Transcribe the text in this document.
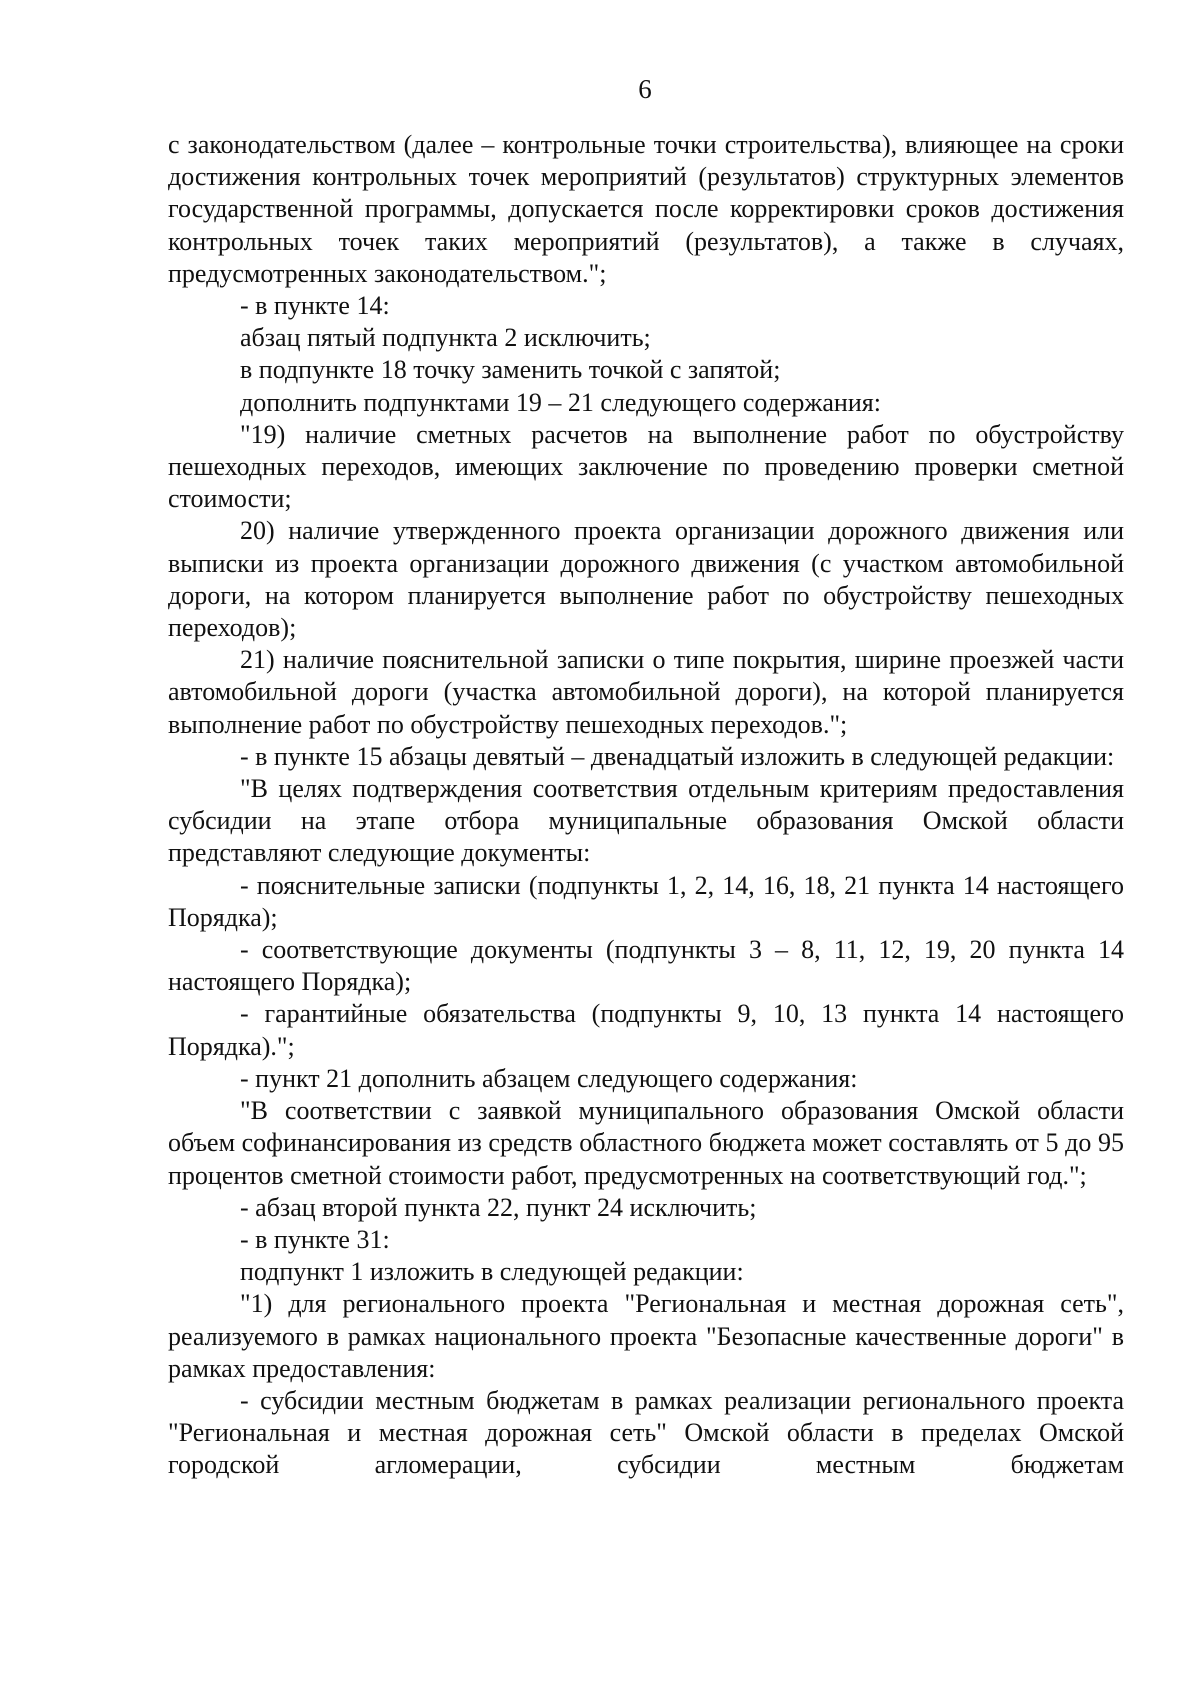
6

с законодательством (далее – контрольные точки строительства), влияющее на сроки достижения контрольных точек мероприятий (результатов) структурных элементов государственной программы, допускается после корректировки сроков достижения контрольных точек таких мероприятий (результатов), а также в случаях, предусмотренных законодательством.";

- в пункте 14:

абзац пятый подпункта 2 исключить;

в подпункте 18 точку заменить точкой с запятой;

дополнить подпунктами 19 – 21 следующего содержания:

"19) наличие сметных расчетов на выполнение работ по обустройству пешеходных переходов, имеющих заключение по проведению проверки сметной стоимости;

20) наличие утвержденного проекта организации дорожного движения или выписки из проекта организации дорожного движения (с участком автомобильной дороги, на котором планируется выполнение работ по обустройству пешеходных переходов);

21) наличие пояснительной записки о типе покрытия, ширине проезжей части автомобильной дороги (участка автомобильной дороги), на которой планируется выполнение работ по обустройству пешеходных переходов.";

- в пункте 15 абзацы девятый – двенадцатый изложить в следующей редакции:

"В целях подтверждения соответствия отдельным критериям предоставления субсидии на этапе отбора муниципальные образования Омской области представляют следующие документы:

- пояснительные записки (подпункты 1, 2, 14, 16, 18, 21 пункта 14 настоящего Порядка);

- соответствующие документы (подпункты 3 – 8, 11, 12, 19, 20 пункта 14 настоящего Порядка);

- гарантийные обязательства (подпункты 9, 10, 13 пункта 14 настоящего Порядка).";

- пункт 21 дополнить абзацем следующего содержания:

"В соответствии с заявкой муниципального образования Омской области объем софинансирования из средств областного бюджета может составлять от 5 до 95 процентов сметной стоимости работ, предусмотренных на соответствующий год.";

- абзац второй пункта 22, пункт 24 исключить;

- в пункте 31:

подпункт 1 изложить в следующей редакции:

"1) для регионального проекта "Региональная и местная дорожная сеть", реализуемого в рамках национального проекта "Безопасные качественные дороги" в рамках предоставления:

- субсидии местным бюджетам в рамках реализации регионального проекта "Региональная и местная дорожная сеть" Омской области в пределах Омской городской агломерации, субсидии местным бюджетам
